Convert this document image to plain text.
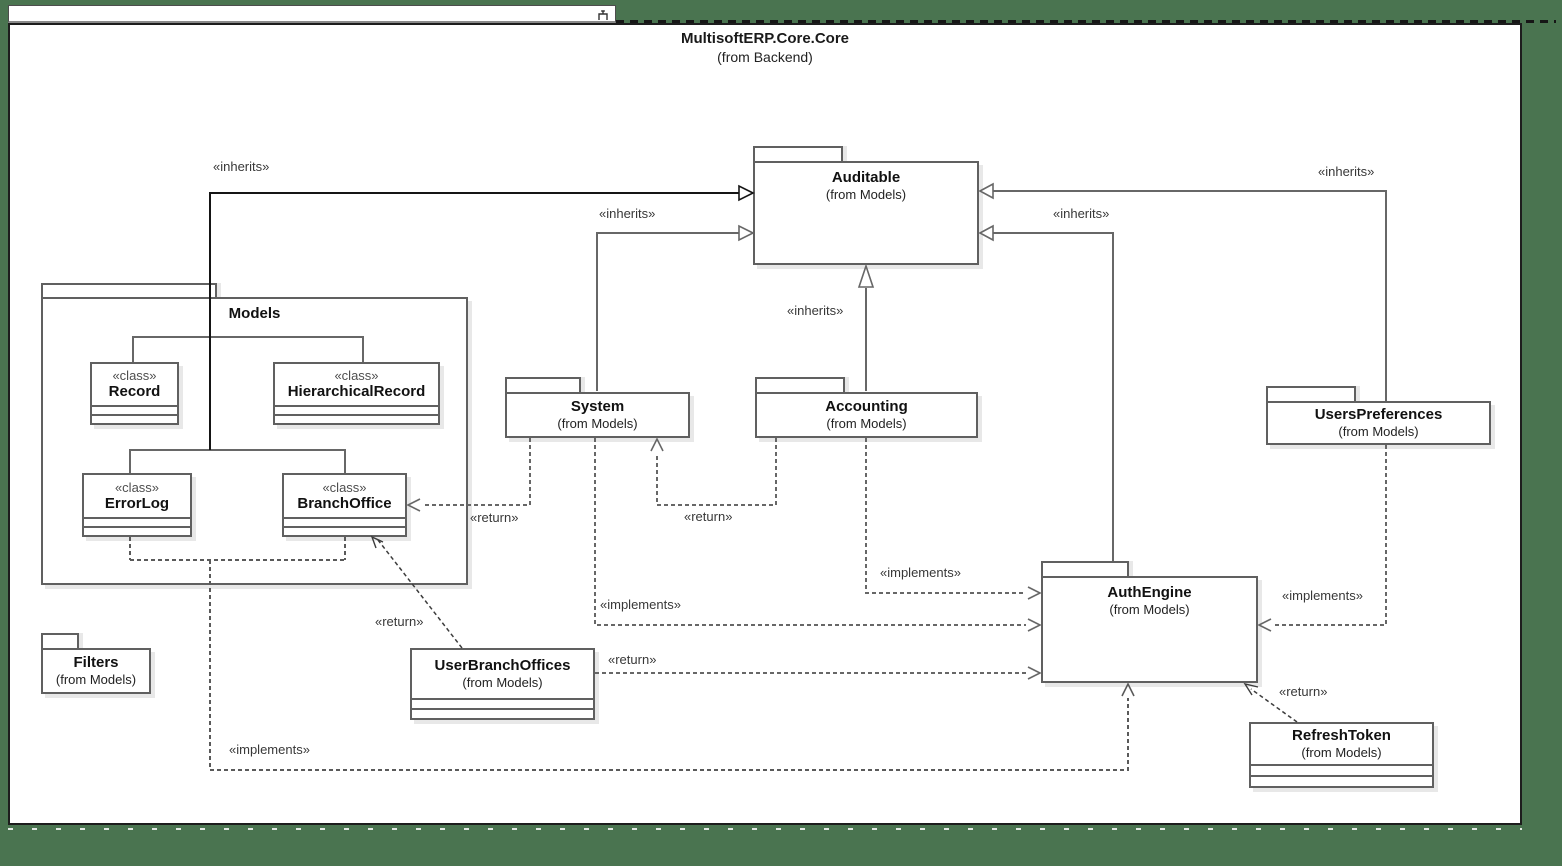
MultisoftERP.Core.Core
(from Backend)
Models
«class»
Record
«class»
HierarchicalRecord
«class»
ErrorLog
«class»
BranchOffice
Filters
(from Models)
System
(from Models)
Accounting
(from Models)
Auditable
(from Models)
UsersPreferences
(from Models)
AuthEngine
(from Models)
UserBranchOffices
(from Models)
RefreshToken
(from Models)
«inherits»
«inherits»
«inherits»
«inherits»
«inherits»
«return»	«return»
«return»
«return»
«return»
«implements»
«implements»
«implements»
«implements»
